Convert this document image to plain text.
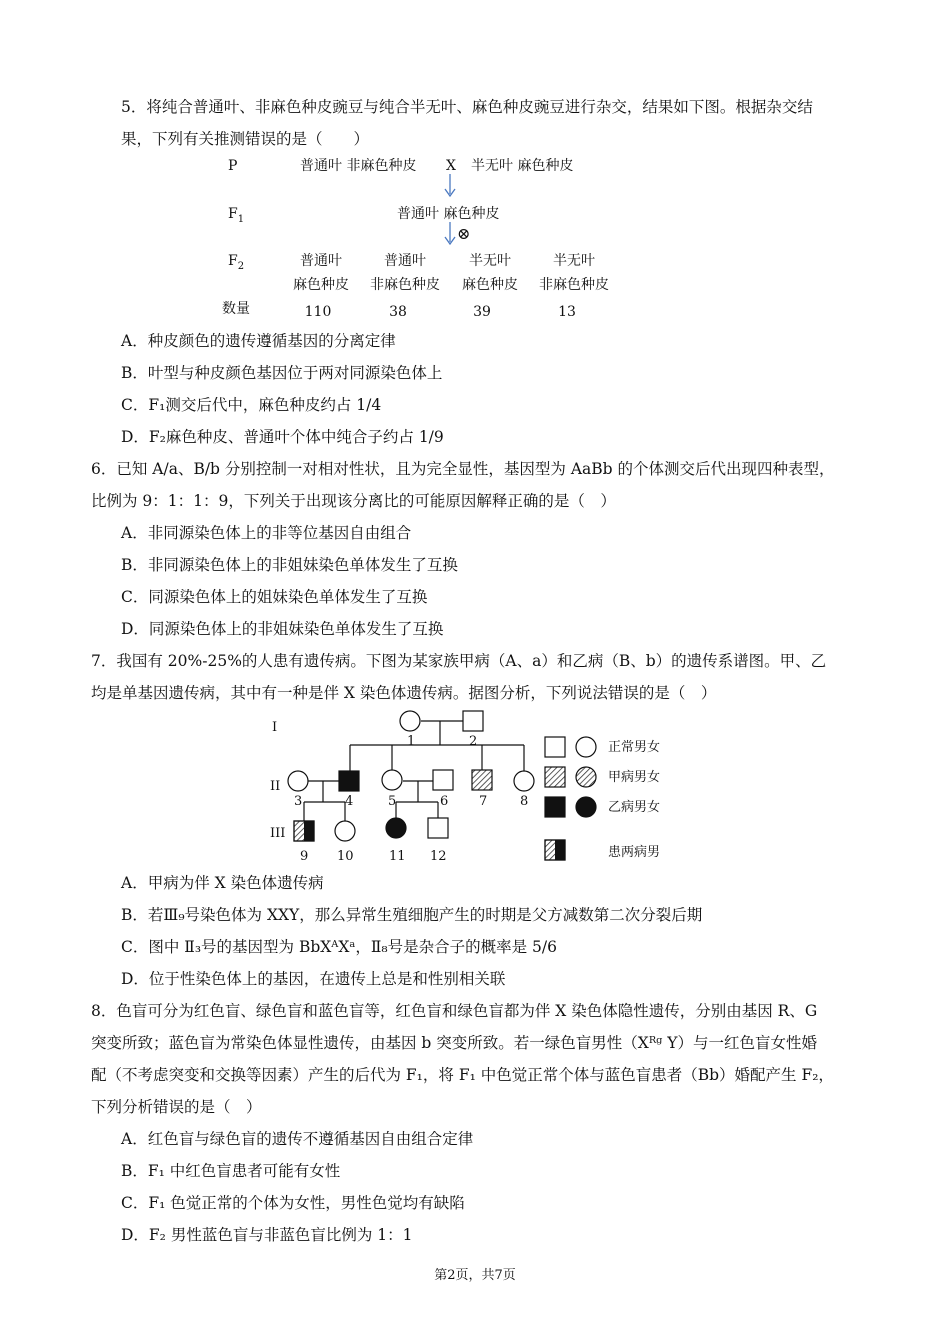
5．将纯合普通叶、非麻色种皮豌豆与纯合半无叶、麻色种皮豌豆进行杂交，结果如下图。根据杂交结
果，下列有关推测错误的是（　　）
P	普通叶 非麻色种皮 X 半无叶 麻色种皮
$F_1$	普通叶 麻色种皮
⊗
$F_2$	普通叶	普通叶	半无叶	半无叶
麻色种皮 非麻色种皮 麻色种皮 非麻色种皮
数量	110	38	39	13
A．种皮颜色的遗传遵循基因的分离定律
B．叶型与种皮颜色基因位于两对同源染色体上
C．F₁测交后代中，麻色种皮约占 1/4
D．F₂麻色种皮、普通叶个体中纯合子约占 1/9
6．已知 A/a、B/b 分别控制一对相对性状，且为完全显性，基因型为 AaBb 的个体测交后代出现四种表型，
比例为 9：1：1：9，下列关于出现该分离比的可能原因解释正确的是（　）
A．非同源染色体上的非等位基因自由组合
B．非同源染色体上的非姐妹染色单体发生了互换
C．同源染色体上的姐妹染色单体发生了互换
D．同源染色体上的非姐妹染色单体发生了互换
7．我国有 20%-25%的人患有遗传病。下图为某家族甲病（A、a）和乙病（B、b）的遗传系谱图。甲、乙
均是单基因遗传病，其中有一种是伴 X 染色体遗传病。据图分析，下列说法错误的是（　）
I
II
III
1	2
3	4	5	6 7	8
9 10	11 12
正常男女
甲病男女
乙病男女
患两病男
A．甲病为伴 X 染色体遗传病
B．若Ⅲ₉号染色体为 XXY，那么异常生殖细胞产生的时期是父方减数第二次分裂后期
C．图中 Ⅱ₃号的基因型为 BbXᴬXᵃ，Ⅱ₈号是杂合子的概率是 5/6
D．位于性染色体上的基因，在遗传上总是和性别相关联
8．色盲可分为红色盲、绿色盲和蓝色盲等，红色盲和绿色盲都为伴 X 染色体隐性遗传，分别由基因 R、G
突变所致；蓝色盲为常染色体显性遗传，由基因 b 突变所致。若一绿色盲男性（Xᴿᵍ Y）与一红色盲女性婚
配（不考虑突变和交换等因素）产生的后代为 F₁，将 F₁ 中色觉正常个体与蓝色盲患者（Bb）婚配产生 F₂，
下列分析错误的是（　）
A．红色盲与绿色盲的遗传不遵循基因自由组合定律
B．F₁ 中红色盲患者可能有女性
C．F₁ 色觉正常的个体为女性，男性色觉均有缺陷
D．F₂ 男性蓝色盲与非蓝色盲比例为 1：1
第2页，共7页
